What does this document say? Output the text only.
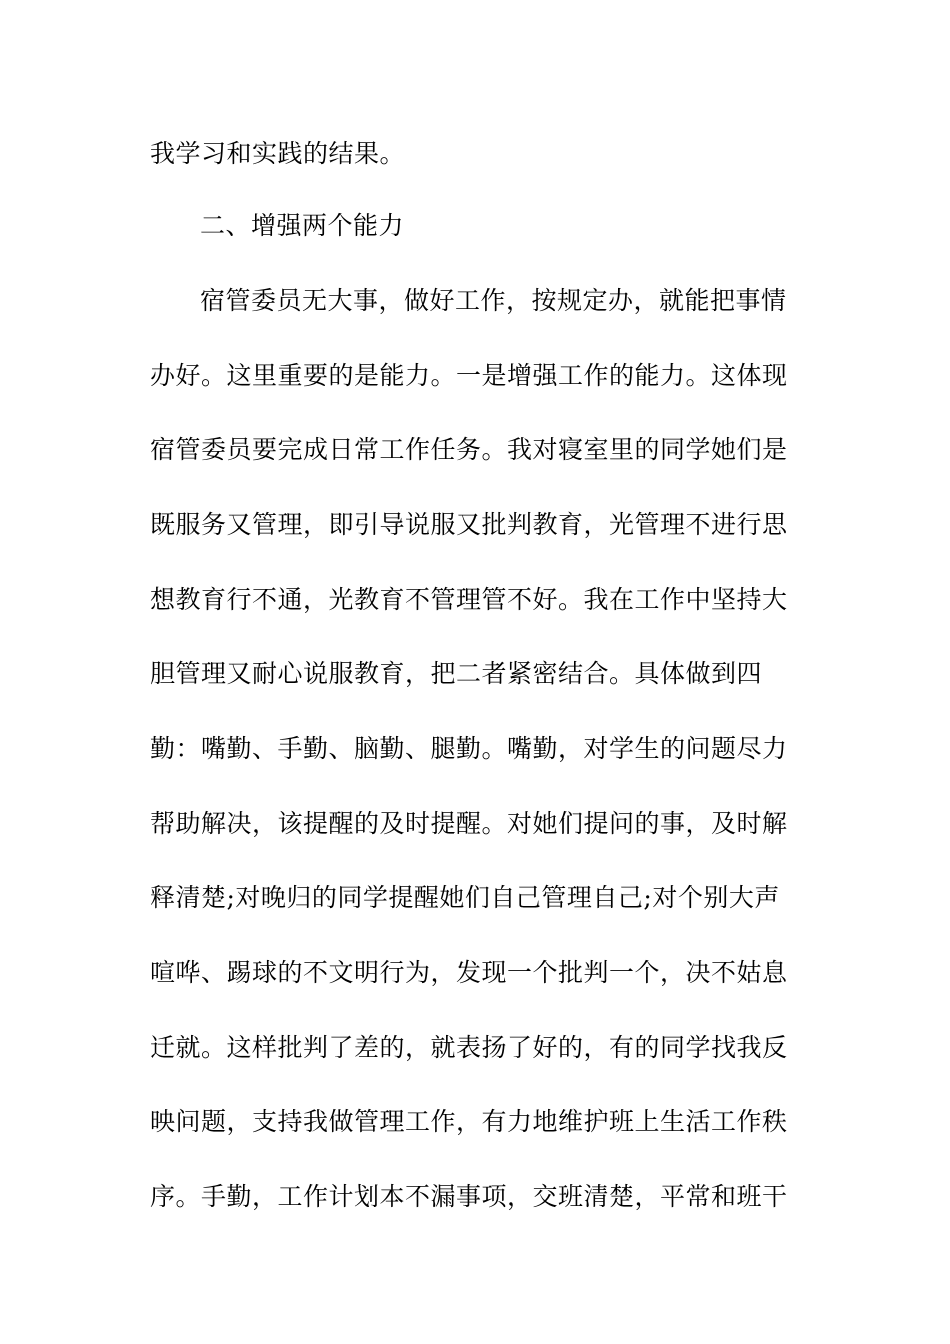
我学习和实践的结果。
二、增强两个能力
宿管委员无大事，做好工作，按规定办，就能把事情
办好。这里重要的是能力。一是增强工作的能力。这体现
宿管委员要完成日常工作任务。我对寝室里的同学她们是
既服务又管理，即引导说服又批判教育，光管理不进行思
想教育行不通，光教育不管理管不好。我在工作中坚持大
胆管理又耐心说服教育，把二者紧密结合。具体做到四
勤：嘴勤、手勤、脑勤、腿勤。嘴勤，对学生的问题尽力
帮助解决，该提醒的及时提醒。对她们提问的事，及时解
释清楚;对晚归的同学提醒她们自己管理自己;对个别大声
喧哗、踢球的不文明行为，发现一个批判一个，决不姑息
迁就。这样批判了差的，就表扬了好的，有的同学找我反
映问题，支持我做管理工作，有力地维护班上生活工作秩
序。手勤，工作计划本不漏事项，交班清楚，平常和班干
